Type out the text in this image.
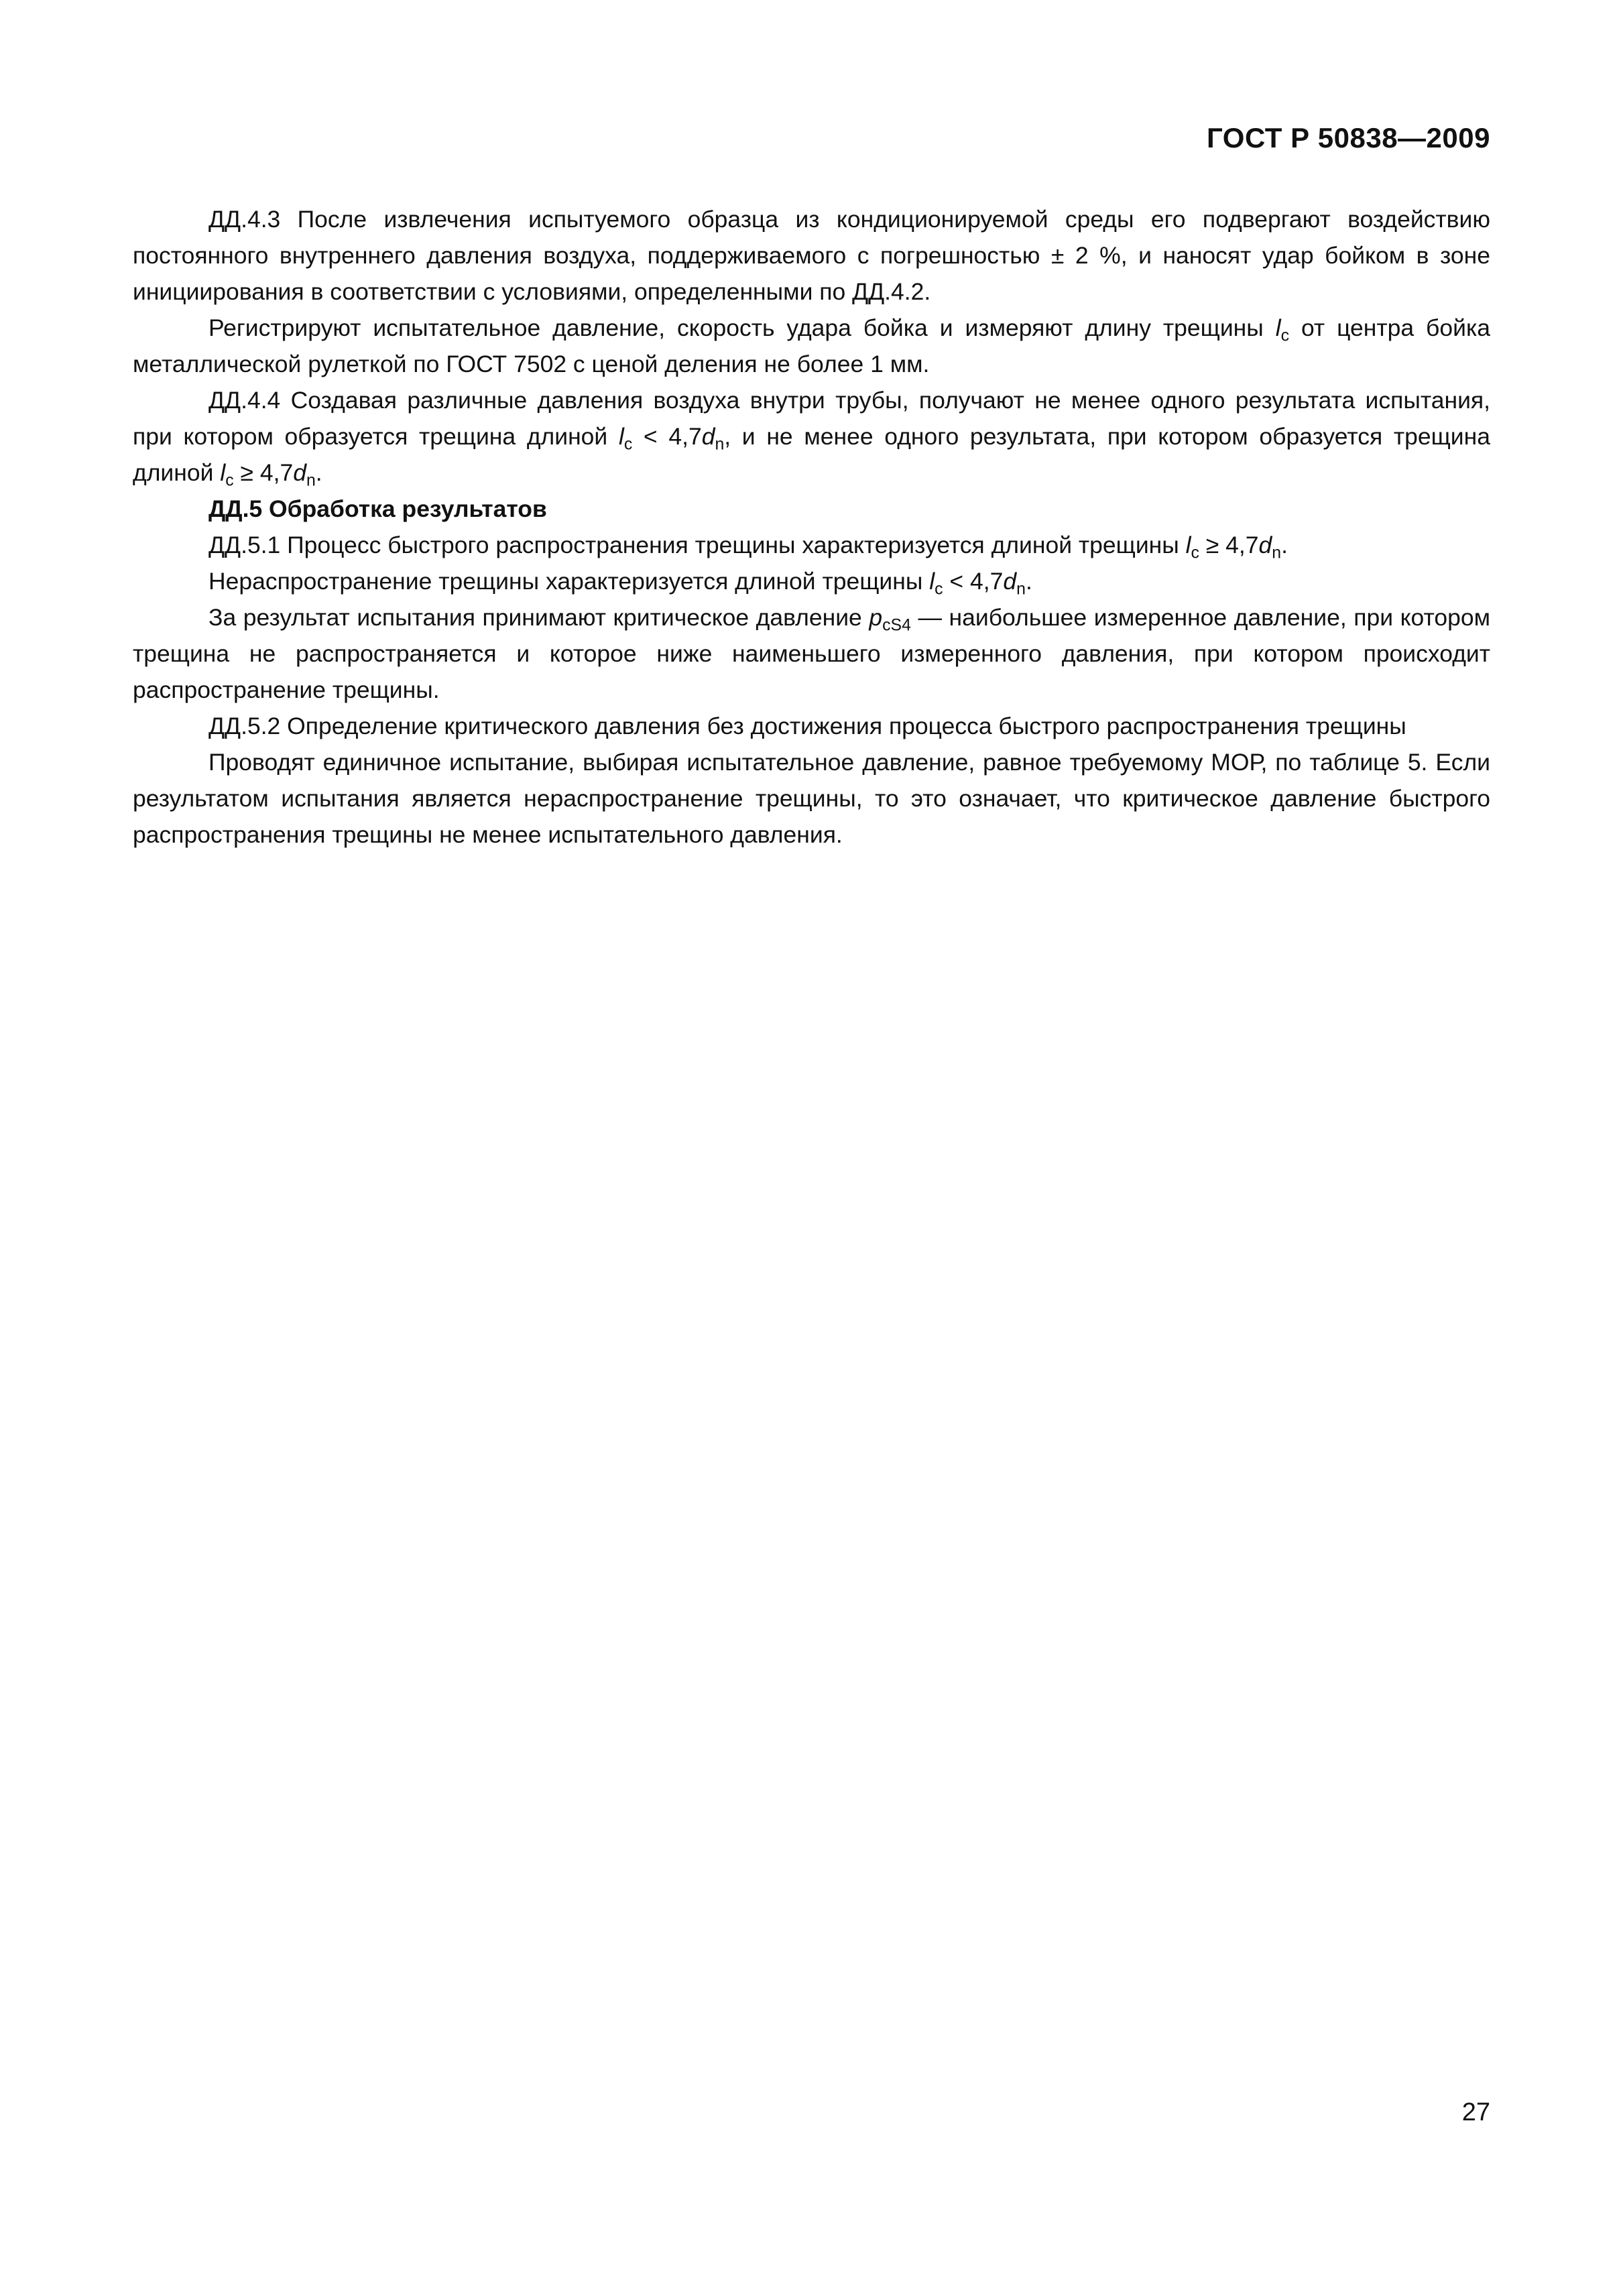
ГОСТ Р 50838—2009

ДД.4.3 После извлечения испытуемого образца из кондиционируемой среды его подвергают воздействию постоянного внутреннего давления воздуха, поддерживаемого с погрешностью ± 2 %, и наносят удар бойком в зоне инициирования в соответствии с условиями, определенными по ДД.4.2.

Регистрируют испытательное давление, скорость удара бойка и измеряют длину трещины $l_c$ от центра бойка металлической рулеткой по ГОСТ 7502 с ценой деления не более 1 мм.

ДД.4.4 Создавая различные давления воздуха внутри трубы, получают не менее одного результата испытания, при котором образуется трещина длиной $l_c < 4,7d_n$, и не менее одного результата, при котором образуется трещина длиной $l_c \ge 4,7d_n$.

ДД.5 Обработка результатов

ДД.5.1 Процесс быстрого распространения трещины характеризуется длиной трещины $l_c \ge 4,7d_n$.

Нераспространение трещины характеризуется длиной трещины $l_c < 4,7d_n$.

За результат испытания принимают критическое давление $p_{cS4}$ — наибольшее измеренное давление, при котором трещина не распространяется и которое ниже наименьшего измеренного давления, при котором происходит распространение трещины.

ДД.5.2 Определение критического давления без достижения процесса быстрого распространения трещины

Проводят единичное испытание, выбирая испытательное давление, равное требуемому МОР, по таблице 5. Если результатом испытания является нераспространение трещины, то это означает, что критическое давление быстрого распространения трещины не менее испытательного давления.

27
